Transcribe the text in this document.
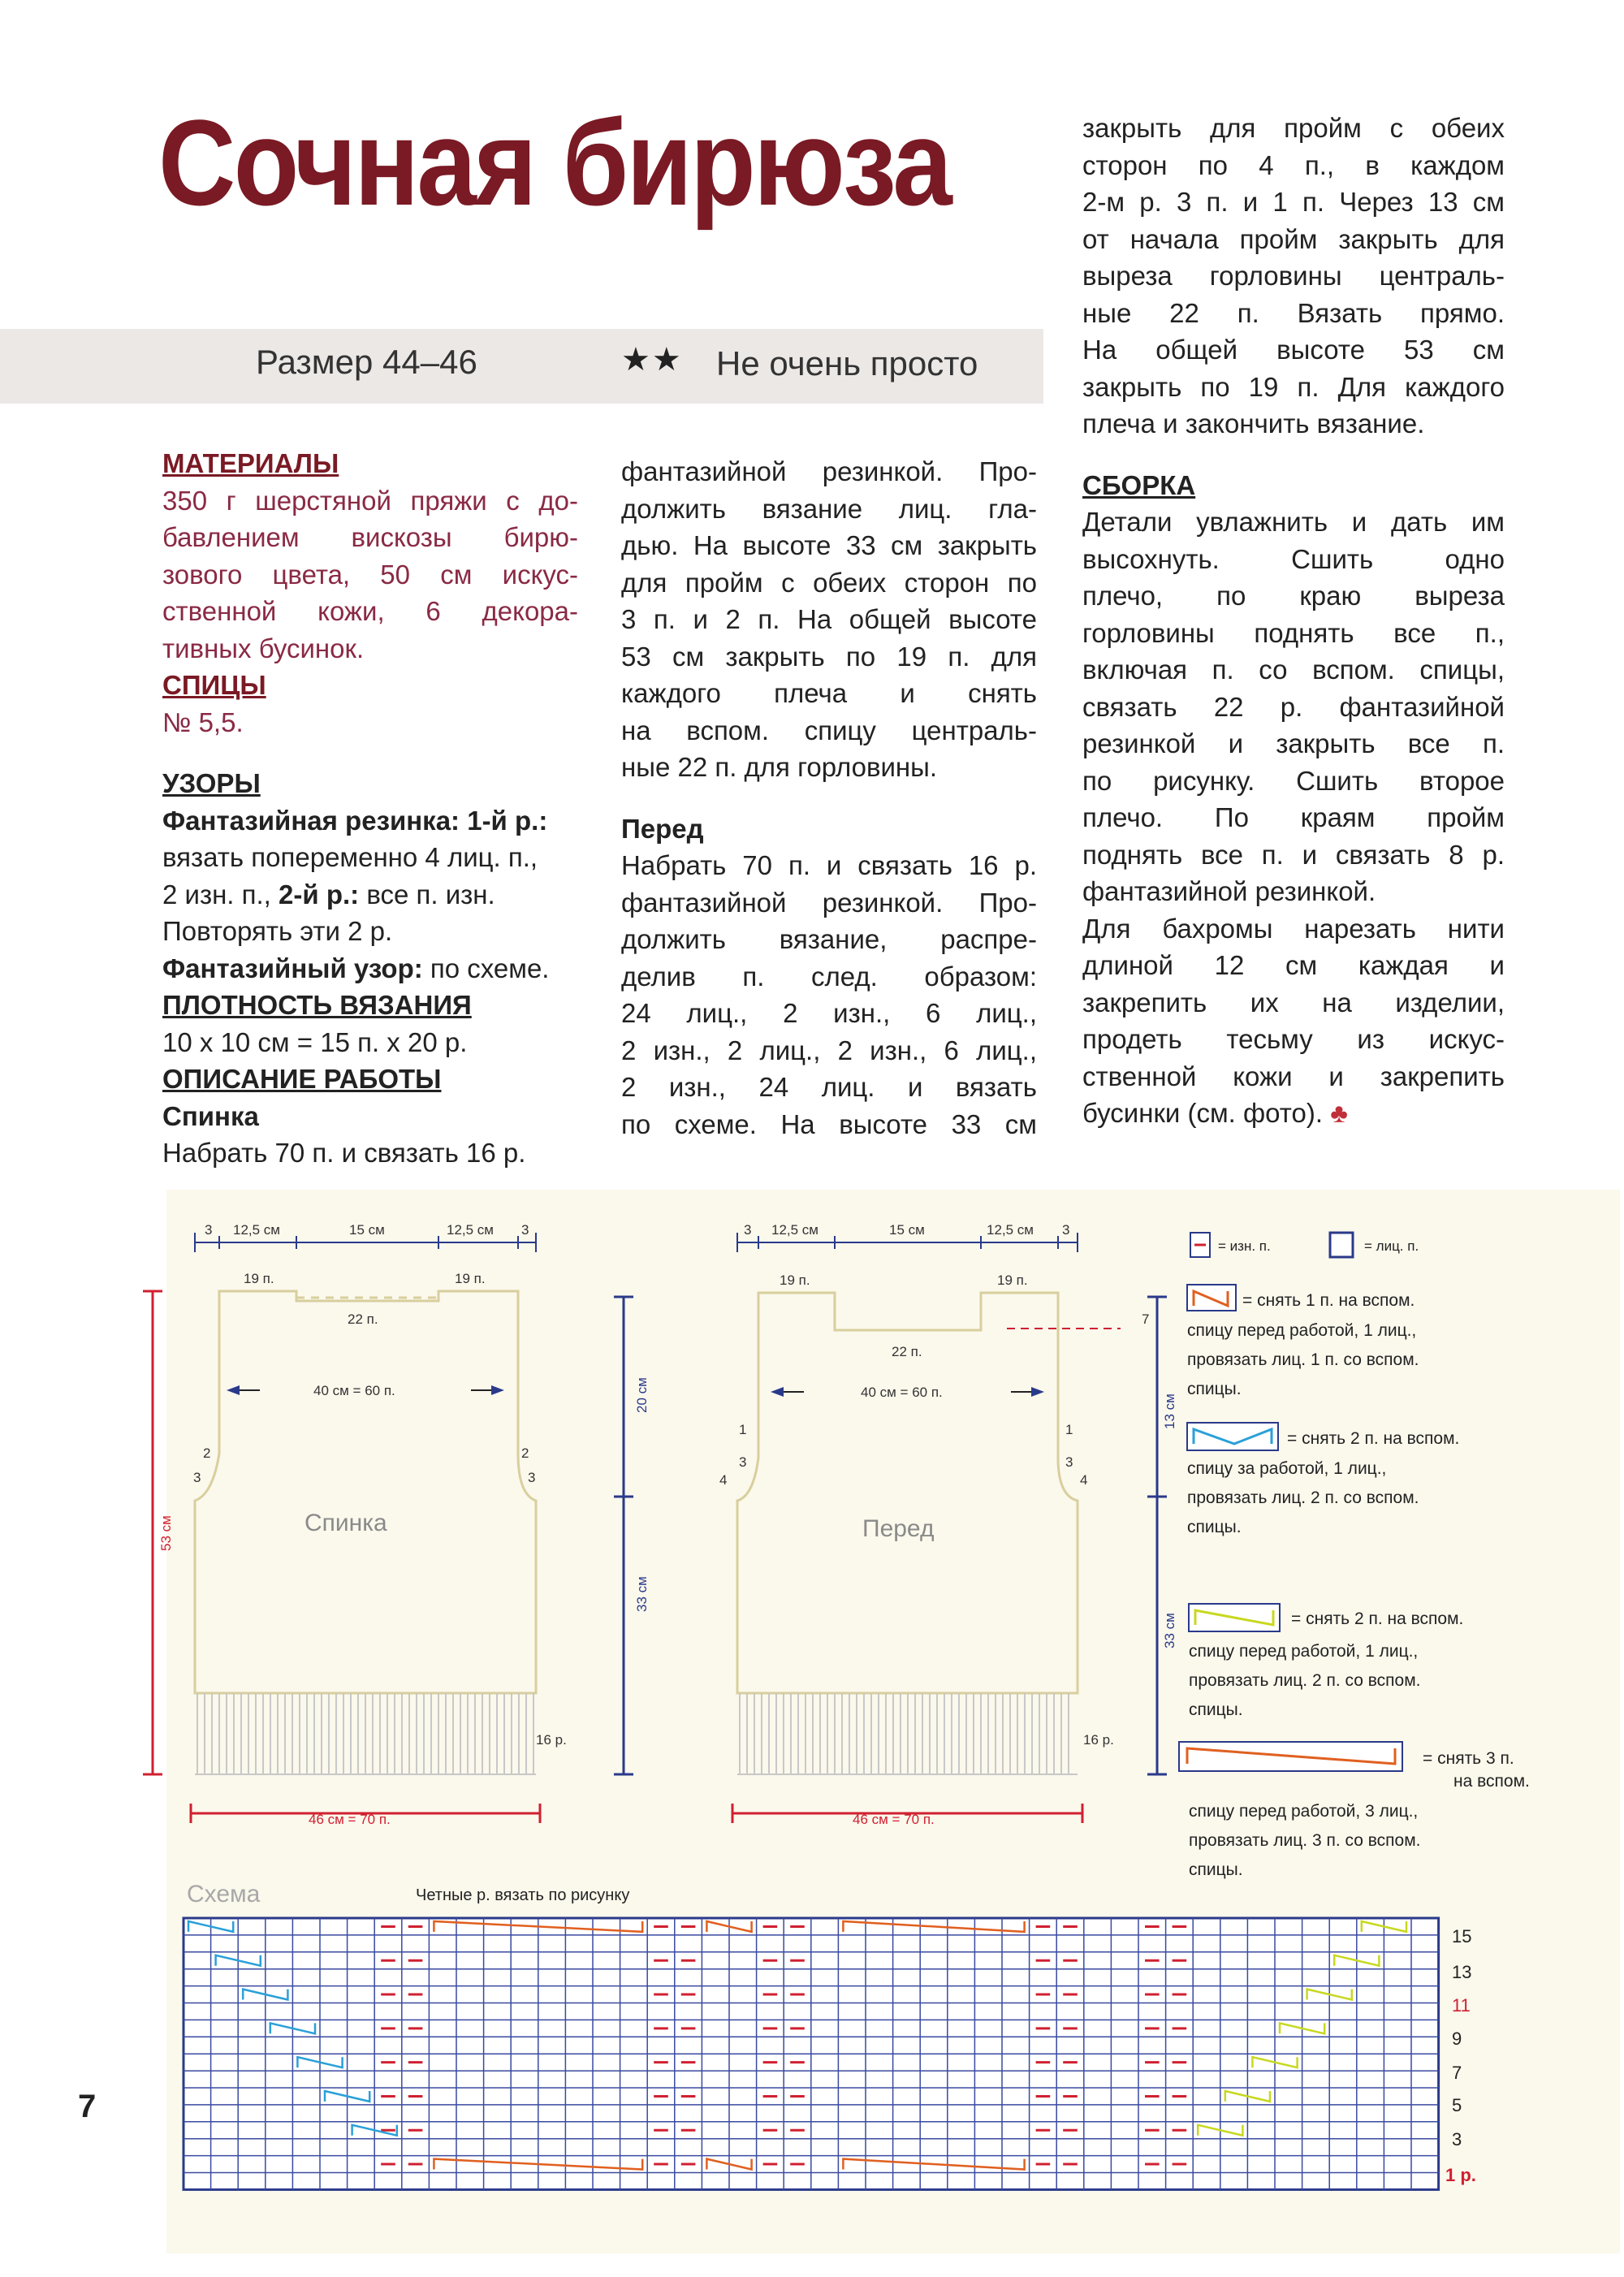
Сочная бирюза
Размер 44–46	★★ Не очень просто

МАТЕРИАЛЫ

350 г шерстяной пряжи с до-

бавлением вискозы бирю-

зового цвета, 50 см искус-

ственной кожи, 6 декора-

тивных бусинок.

СПИЦЫ

№ 5,5.

УЗОРЫ

Фантазийная резинка: 1-й р.:

вязать попеременно 4 лиц. п.,

2 изн. п., 2-й р.: все п. изн.

Повторять эти 2 р.

Фантазийный узор: по схеме.

ПЛОТНОСТЬ ВЯЗАНИЯ

10 x 10 см = 15 п. x 20 р.

ОПИСАНИЕ РАБОТЫ

Спинка

Набрать 70 п. и связать 16 р.

фантазийной резинкой. Про-

должить вязание лиц. гла-

дью. На высоте 33 см закрыть

для пройм с обеих сторон по

3 п. и 2 п. На общей высоте

53 см закрыть по 19 п. для

каждого плеча и снять

на вспом. спицу централь-

ные 22 п. для горловины.

Перед

Набрать 70 п. и связать 16 р.

фантазийной резинкой. Про-

должить вязание, распре-

делив п. след. образом:

24 лиц., 2 изн., 6 лиц.,

2 изн., 2 лиц., 2 изн., 6 лиц.,

2 изн., 24 лиц. и вязать

по схеме. На высоте 33 см

закрыть для пройм с обеих

сторон по 4 п., в каждом

2-м р. 3 п. и 1 п. Через 13 см

от начала пройм закрыть для

выреза горловины централь-

ные 22 п. Вязать прямо.

На общей высоте 53 см

закрыть по 19 п. Для каждого

плеча и закончить вязание.

СБОРКА

Детали увлажнить и дать им

высохнуть. Сшить одно

плечо, по краю выреза

горловины поднять все п.,

включая п. со вспом. спицы,

связать 22 р. фантазийной

резинкой и закрыть все п.

по рисунку. Сшить второе

плечо. По краям пройм

поднять все п. и связать 8 р.

фантазийной резинкой.

Для бахромы нарезать нити

длиной 12 см каждая и

закрепить их на изделии,

продеть тесьму из искус-

ственной кожи и закрепить

бусинки (см. фото). ♣

7
3 12,5 см	15 см	12,5 см 3
19 п.	19 п.
22 п.
40 см = 60 п.
2
3
2
3
Спинка
16 р.
53 см
46 см = 70 п.
20 см
33 см
3 12,5 см	15 см	12,5 см 3
19 п.	19 п.
22 п.
40 см = 60 п.
1
3
4
1
3
4
Перед
16 р.
46 см = 70 п.
7
13 см
33 см
= изн. п.	= лиц. п.
= снять 1 п. на вспом.
спицу перед работой, 1 лиц.,
провязать лиц. 1 п. со вспом.
спицы.
= снять 2 п. на вспом.
спицу за работой, 1 лиц.,
провязать лиц. 2 п. со вспом.
спицы.
= снять 2 п. на вспом.
спицу перед работой, 1 лиц.,
провязать лиц. 2 п. со вспом.
спицы.
= снять 3 п.
на вспом.
спицу перед работой, 3 лиц.,
провязать лиц. 3 п. со вспом.
спицы.
Схема	Четные р. вязать по рисунку
15
13
11
9
7
5
3
1 р.
